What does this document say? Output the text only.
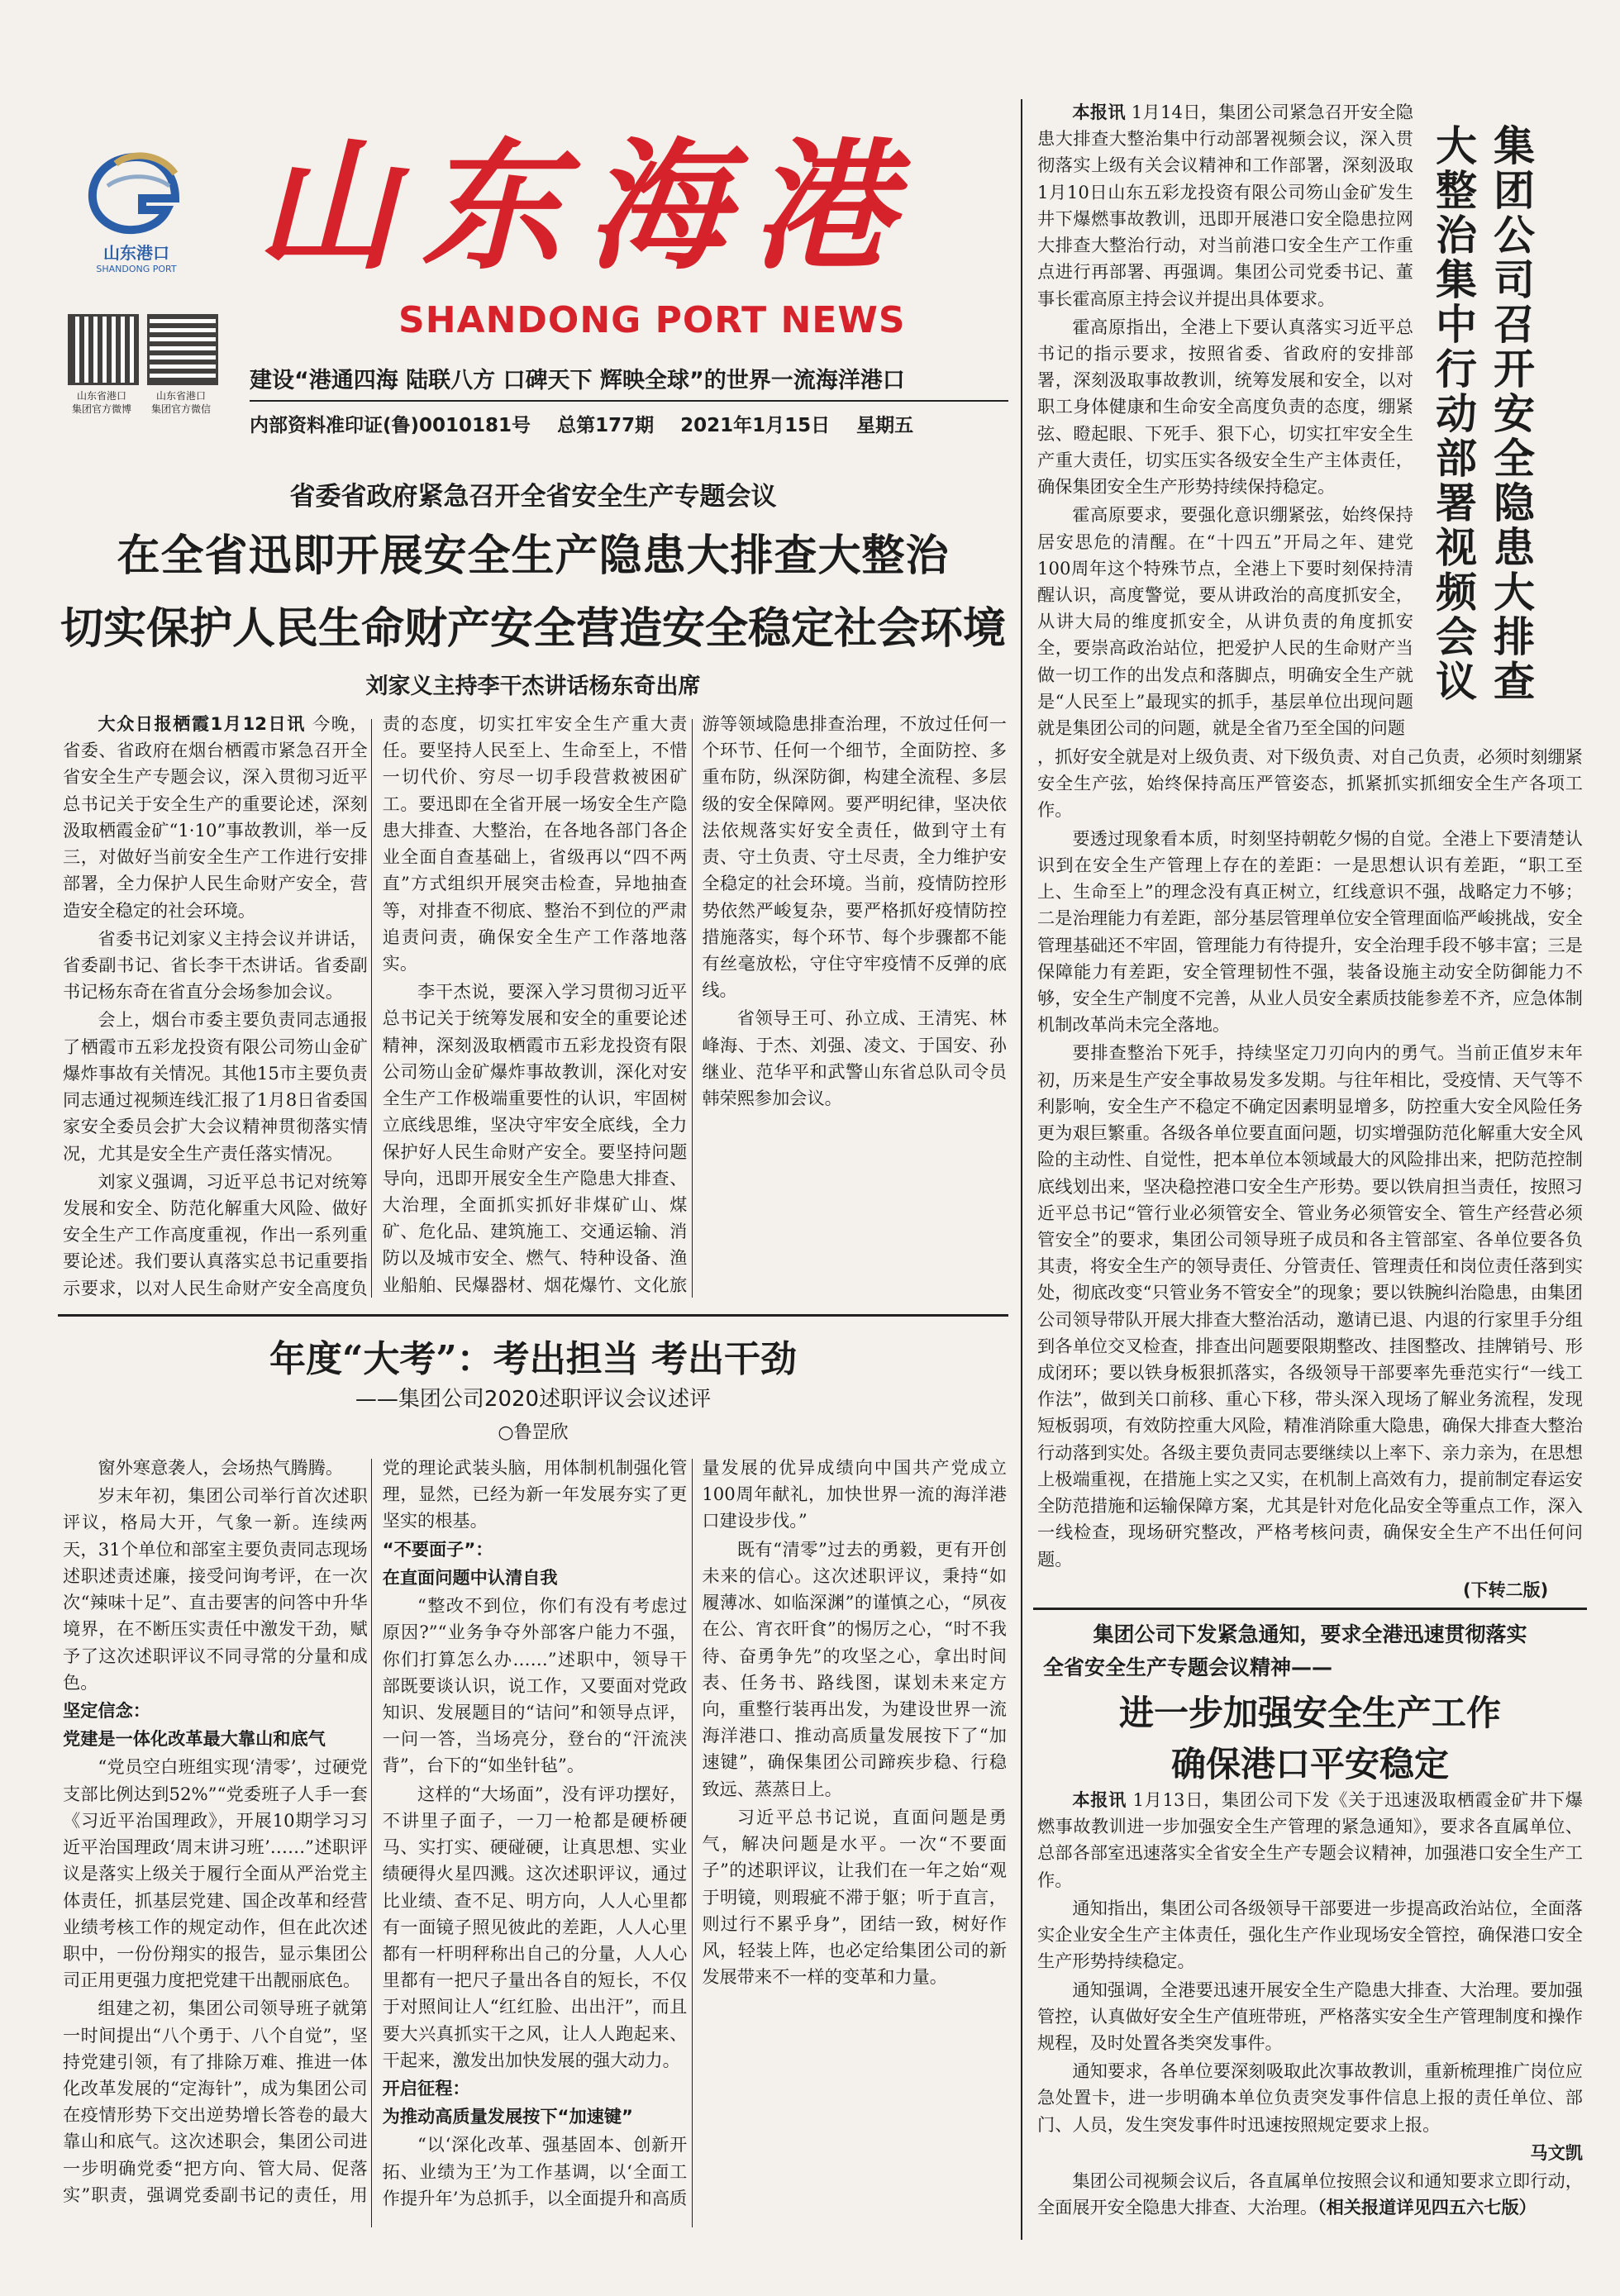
山东港口
SHANDONG PORT 山东海港
SHANDONG PORT NEWS
山东省港口
集团官方微博
山东省港口
集团官方微信
建设“港通四海 陆联八方 口碑天下 辉映全球”的世界一流海洋港口
内部资料准印证(鲁)0010181号    总第177期    2021年1月15日    星期五
省委省政府紧急召开全省安全生产专题会议
在全省迅即开展安全生产隐患大排查大整治
切实保护人民生命财产安全营造安全稳定社会环境
刘家义主持李干杰讲话杨东奇出席

大众日报栖霞1月12日讯 今晚，省委、省政府在烟台栖霞市紧急召开全省安全生产专题会议，深入贯彻习近平总书记关于安全生产的重要论述，深刻汲取栖霞金矿“1·10”事故教训，举一反三，对做好当前安全生产工作进行安排部署，全力保护人民生命财产安全，营造安全稳定的社会环境。

省委书记刘家义主持会议并讲话，省委副书记、省长李干杰讲话。省委副书记杨东奇在省直分会场参加会议。

会上，烟台市委主要负责同志通报了栖霞市五彩龙投资有限公司笏山金矿爆炸事故有关情况。其他15市主要负责同志通过视频连线汇报了1月8日省委国家安全委员会扩大会议精神贯彻落实情况，尤其是安全生产责任落实情况。

刘家义强调，习近平总书记对统筹发展和安全、防范化解重大风险、做好安全生产工作高度重视，作出一系列重要论述。我们要认真落实总书记重要指示要求，以对人民生命财产安全高度负责的态度，切实扛牢安全生产重大责任。要坚持人民至上、生命至上，不惜一切代价、穷尽一切手段营救被困矿工。要迅即在全省开展一场安全生产隐患大排查、大整治，在各地各部门各企业全面自查基础上，省级再以“四不两直”方式组织开展突击检查，异地抽查等，对排查不彻底、整治不到位的严肃追责问责，确保安全生产工作落地落实。

李干杰说，要深入学习贯彻习近平总书记关于统筹发展和安全的重要论述精神，深刻汲取栖霞市五彩龙投资有限公司笏山金矿爆炸事故教训，深化对安全生产工作极端重要性的认识，牢固树立底线思维，坚决守牢安全底线，全力保护好人民生命财产安全。要坚持问题导向，迅即开展安全生产隐患大排查、大治理，全面抓实抓好非煤矿山、煤矿、危化品、建筑施工、交通运输、消防以及城市安全、燃气、特种设备、渔业船舶、民爆器材、烟花爆竹、文化旅游等领域隐患排查治理，不放过任何一个环节、任何一个细节，全面防控、多重布防，纵深防御，构建全流程、多层级的安全保障网。要严明纪律，坚决依法依规落实好安全责任，做到守土有责、守土负责、守土尽责，全力维护安全稳定的社会环境。当前，疫情防控形势依然严峻复杂，要严格抓好疫情防控措施落实，每个环节、每个步骤都不能有丝毫放松，守住守牢疫情不反弹的底线。

省领导王可、孙立成、王清宪、林峰海、于杰、刘强、凌文、于国安、孙继业、范华平和武警山东省总队司令员韩荣熙参加会议。

年度“大考”：考出担当 考出干劲
——集团公司2020述职评议会议述评
○鲁罡欣

窗外寒意袭人，会场热气腾腾。

岁末年初，集团公司举行首次述职评议，格局大开，气象一新。连续两天，31个单位和部室主要负责同志现场述职述责述廉，接受问询考评，在一次次“辣味十足”、直击要害的问答中升华境界，在不断压实责任中激发干劲，赋予了这次述职评议不同寻常的分量和成色。

坚定信念：

党建是一体化改革最大靠山和底气

“党员空白班组实现‘清零’，过硬党支部比例达到52%”“党委班子人手一套《习近平治国理政》，开展10期学习习近平治国理政‘周末讲习班’……”述职评议是落实上级关于履行全面从严治党主体责任，抓基层党建、国企改革和经营业绩考核工作的规定动作，但在此次述职中，一份份翔实的报告，显示集团公司正用更强力度把党建干出靓丽底色。

组建之初，集团公司领导班子就第一时间提出“八个勇于、八个自觉”，坚持党建引领，有了排除万难、推进一体化改革发展的“定海针”，成为集团公司在疫情形势下交出逆势增长答卷的最大靠山和底气。这次述职会，集团公司进一步明确党委“把方向、管大局、促落实”职责，强调党委副书记的责任，用党的理论武装头脑，用体制机制强化管理，显然，已经为新一年发展夯实了更坚实的根基。

“不要面子”：

在直面问题中认清自我

“整改不到位，你们有没有考虑过原因?”“业务争夺外部客户能力不强，你们打算怎么办……”述职中，领导干部既要谈认识，说工作，又要面对党政知识、发展题目的“诘问”和领导点评，一问一答，当场亮分，登台的“汗流浃背”，台下的“如坐针毡”。

这样的“大场面”，没有评功摆好，不讲里子面子，一刀一枪都是硬桥硬马、实打实、硬碰硬，让真思想、实业绩硬得火星四溅。这次述职评议，通过比业绩、查不足、明方向，人人心里都有一面镜子照见彼此的差距，人人心里都有一杆明秤称出自己的分量，人人心里都有一把尺子量出各自的短长，不仅于对照间让人“红红脸、出出汗”，而且要大兴真抓实干之风，让人人跑起来、干起来，激发出加快发展的强大动力。

开启征程：

为推动高质量发展按下“加速键”

“以‘深化改革、强基固本、创新开拓、业绩为王’为工作基调，以‘全面工作提升年’为总抓手，以全面提升和高质量发展的优异成绩向中国共产党成立100周年献礼，加快世界一流的海洋港口建设步伐。”

既有“清零”过去的勇毅，更有开创未来的信心。这次述职评议，秉持“如履薄冰、如临深渊”的谨慎之心，“夙夜在公、宵衣旰食”的惕厉之心，“时不我待、奋勇争先”的攻坚之心，拿出时间表、任务书、路线图，谋划未来定方向，重整行装再出发，为建设世界一流海洋港口、推动高质量发展按下了“加速键”，确保集团公司蹄疾步稳、行稳致远、蒸蒸日上。

习近平总书记说，直面问题是勇气，解决问题是水平。一次“不要面子”的述职评议，让我们在一年之始“观于明镜，则瑕疵不滞于躯；听于直言，则过行不累乎身”，团结一致，树好作风，轻装上阵，也必定给集团公司的新发展带来不一样的变革和力量。

集团公司召开安全隐患大排查
大整治集中行动部署视频会议

本报讯 1月14日，集团公司紧急召开安全隐患大排查大整治集中行动部署视频会议，深入贯彻落实上级有关会议精神和工作部署，深刻汲取1月10日山东五彩龙投资有限公司笏山金矿发生井下爆燃事故教训，迅即开展港口安全隐患拉网大排查大整治行动，对当前港口安全生产工作重点进行再部署、再强调。集团公司党委书记、董事长霍高原主持会议并提出具体要求。

霍高原指出，全港上下要认真落实习近平总书记的指示要求，按照省委、省政府的安排部署，深刻汲取事故教训，统筹发展和安全，以对职工身体健康和生命安全高度负责的态度，绷紧弦、瞪起眼、下死手、狠下心，切实扛牢安全生产重大责任，切实压实各级安全生产主体责任，确保集团安全生产形势持续保持稳定。

霍高原要求，要强化意识绷紧弦，始终保持居安思危的清醒。在“十四五”开局之年、建党100周年这个特殊节点，全港上下要时刻保持清醒认识，高度警觉，要从讲政治的高度抓安全，从讲大局的维度抓安全，从讲负责的角度抓安全，要崇高政治站位，把爱护人民的生命财产当做一切工作的出发点和落脚点，明确安全生产就是“人民至上”最现实的抓手，基层单位出现问题就是集团公司的问题，就是全省乃至全国的问题

，抓好安全就是对上级负责、对下级负责、对自己负责，必须时刻绷紧安全生产弦，始终保持高压严管姿态，抓紧抓实抓细安全生产各项工作。

要透过现象看本质，时刻坚持朝乾夕惕的自觉。全港上下要清楚认识到在安全生产管理上存在的差距：一是思想认识有差距，“职工至上、生命至上”的理念没有真正树立，红线意识不强，战略定力不够；二是治理能力有差距，部分基层管理单位安全管理面临严峻挑战，安全管理基础还不牢固，管理能力有待提升，安全治理手段不够丰富；三是保障能力有差距，安全管理韧性不强，装备设施主动安全防御能力不够，安全生产制度不完善，从业人员安全素质技能参差不齐，应急体制机制改革尚未完全落地。

要排查整治下死手，持续坚定刀刃向内的勇气。当前正值岁末年初，历来是生产安全事故易发多发期。与往年相比，受疫情、天气等不利影响，安全生产不稳定不确定因素明显增多，防控重大安全风险任务更为艰巨繁重。各级各单位要直面问题，切实增强防范化解重大安全风险的主动性、自觉性，把本单位本领域最大的风险排出来，把防范控制底线划出来，坚决稳控港口安全生产形势。要以铁肩担当责任，按照习近平总书记“管行业必须管安全、管业务必须管安全、管生产经营必须管安全”的要求，集团公司领导班子成员和各主管部室、各单位要各负其责，将安全生产的领导责任、分管责任、管理责任和岗位责任落到实处，彻底改变“只管业务不管安全”的现象；要以铁腕纠治隐患，由集团公司领导带队开展大排查大整治活动，邀请已退、内退的行家里手分组到各单位交叉检查，排查出问题要限期整改、挂图整改、挂牌销号、形成闭环；要以铁身板狠抓落实，各级领导干部要率先垂范实行“一线工作法”，做到关口前移、重心下移，带头深入现场了解业务流程，发现短板弱项，有效防控重大风险，精准消除重大隐患，确保大排查大整治行动落到实处。各级主要负责同志要继续以上率下、亲力亲为，在思想上极端重视，在措施上实之又实，在机制上高效有力，提前制定春运安全防范措施和运输保障方案，尤其是针对危化品安全等重点工作，深入一线检查，现场研究整改，严格考核问责，确保安全生产不出任何问题。

(下转二版)
集团公司下发紧急通知，要求全港迅速贯彻落实
全省安全生产专题会议精神——
进一步加强安全生产工作
确保港口平安稳定

本报讯 1月13日，集团公司下发《关于迅速汲取栖霞金矿井下爆燃事故教训进一步加强安全生产管理的紧急通知》，要求各直属单位、总部各部室迅速落实全省安全生产专题会议精神，加强港口安全生产工作。

通知指出，集团公司各级领导干部要进一步提高政治站位，全面落实企业安全生产主体责任，强化生产作业现场安全管控，确保港口安全生产形势持续稳定。

通知强调，全港要迅速开展安全生产隐患大排查、大治理。要加强管控，认真做好安全生产值班带班，严格落实安全生产管理制度和操作规程，及时处置各类突发事件。

通知要求，各单位要深刻吸取此次事故教训，重新梳理推广岗位应急处置卡，进一步明确本单位负责突发事件信息上报的责任单位、部门、人员，发生突发事件时迅速按照规定要求上报。

马文凯

集团公司视频会议后，各直属单位按照会议和通知要求立即行动，全面展开安全隐患大排查、大治理。（相关报道详见四五六七版）
